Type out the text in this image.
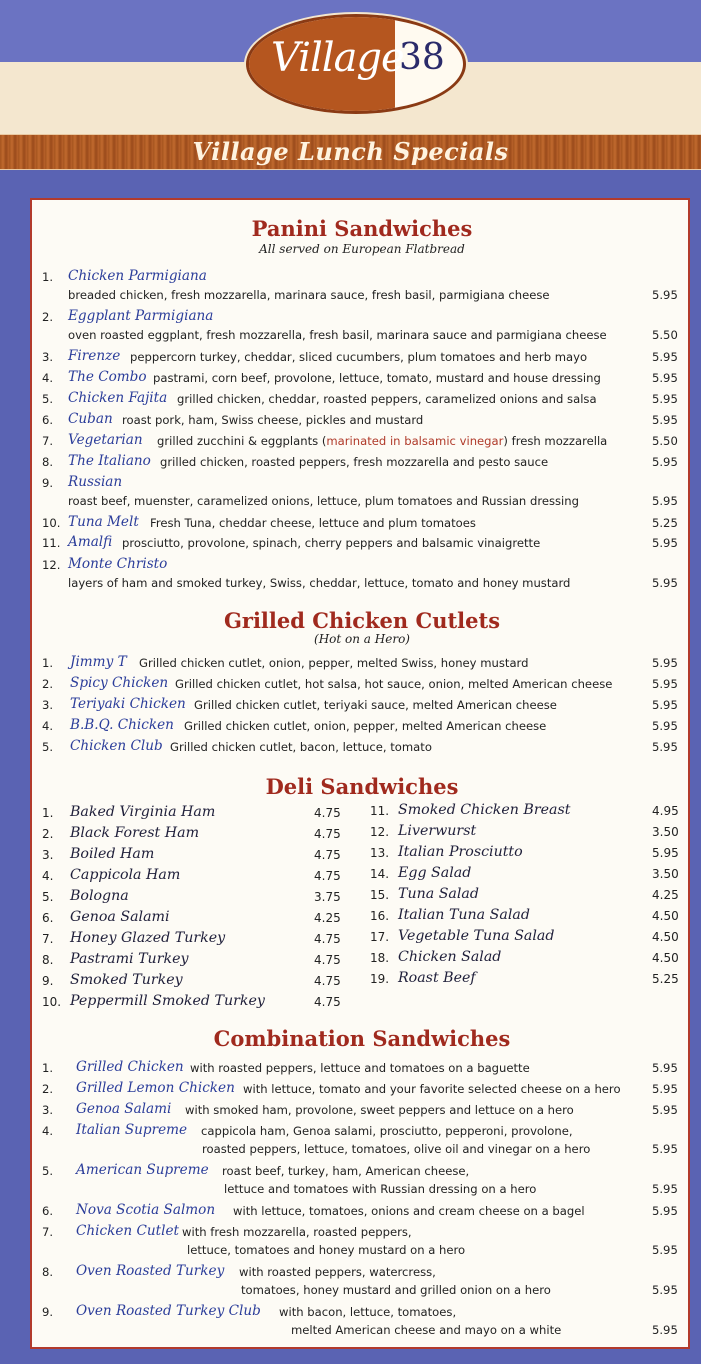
Village
38
Village Lunch Specials
Panini Sandwiches
All served on European Flatbread
1. Chicken Parmigiana
breaded chicken, fresh mozzarella, marinara sauce, fresh basil, parmigiana cheese	5.95
2. Eggplant Parmigiana
oven roasted eggplant, fresh mozzarella, fresh basil, marinara sauce and parmigiana cheese	5.50
3. Firenze peppercorn turkey, cheddar, sliced cucumbers, plum tomatoes and herb mayo	5.95
4. The Combo pastrami, corn beef, provolone, lettuce, tomato, mustard and house dressing	5.95
5. Chicken Fajita grilled chicken, cheddar, roasted peppers, caramelized onions and salsa	5.95
6. Cuban roast pork, ham, Swiss cheese, pickles and mustard	5.95
7. Vegetarian grilled zucchini & eggplants (marinated in balsamic vinegar) fresh mozzarella	5.50
8. The Italiano grilled chicken, roasted peppers, fresh mozzarella and pesto sauce	5.95
9. Russian
roast beef, muenster, caramelized onions, lettuce, plum tomatoes and Russian dressing	5.95
10. Tuna Melt Fresh Tuna, cheddar cheese, lettuce and plum tomatoes	5.25
11. Amalfi prosciutto, provolone, spinach, cherry peppers and balsamic vinaigrette	5.95
12. Monte Christo
layers of ham and smoked turkey, Swiss, cheddar, lettuce, tomato and honey mustard	5.95
Grilled Chicken Cutlets
(Hot on a Hero)
1. Jimmy T Grilled chicken cutlet, onion, pepper, melted Swiss, honey mustard	5.95
2. Spicy Chicken Grilled chicken cutlet, hot salsa, hot sauce, onion, melted American cheese	5.95
3. Teriyaki Chicken Grilled chicken cutlet, teriyaki sauce, melted American cheese	5.95
4. B.B.Q. Chicken Grilled chicken cutlet, onion, pepper, melted American cheese	5.95
5. Chicken Club Grilled chicken cutlet, bacon, lettuce, tomato	5.95
Deli Sandwiches
1. Baked Virginia Ham	4.75
2. Black Forest Ham	4.75
3. Boiled Ham	4.75
4. Cappicola Ham	4.75
5. Bologna	3.75
6. Genoa Salami	4.25
7. Honey Glazed Turkey	4.75
8. Pastrami Turkey	4.75
9. Smoked Turkey	4.75
10. Peppermill Smoked Turkey	4.75
11. Smoked Chicken Breast	4.95
12. Liverwurst	3.50
13. Italian Prosciutto	5.95
14. Egg Salad	3.50
15. Tuna Salad	4.25
16. Italian Tuna Salad	4.50
17. Vegetable Tuna Salad	4.50
18. Chicken Salad	4.50
19. Roast Beef	5.25
Combination Sandwiches
1. Grilled Chicken with roasted peppers, lettuce and tomatoes on a baguette	5.95
2. Grilled Lemon Chicken with lettuce, tomato and your favorite selected cheese on a hero	5.95
3. Genoa Salami with smoked ham, provolone, sweet peppers and lettuce on a hero	5.95
4. Italian Supreme cappicola ham, Genoa salami, prosciutto, pepperoni, provolone,
roasted peppers, lettuce, tomatoes, olive oil and vinegar on a hero	5.95
5. American Supreme roast beef, turkey, ham, American cheese,
lettuce and tomatoes with Russian dressing on a hero	5.95
6. Nova Scotia Salmon with lettuce, tomatoes, onions and cream cheese on a bagel	5.95
7. Chicken Cutlet with fresh mozzarella, roasted peppers,
lettuce, tomatoes and honey mustard on a hero	5.95
8. Oven Roasted Turkey with roasted peppers, watercress,
tomatoes, honey mustard and grilled onion on a hero	5.95
9. Oven Roasted Turkey Club with bacon, lettuce, tomatoes,
melted American cheese and mayo on a white	5.95
